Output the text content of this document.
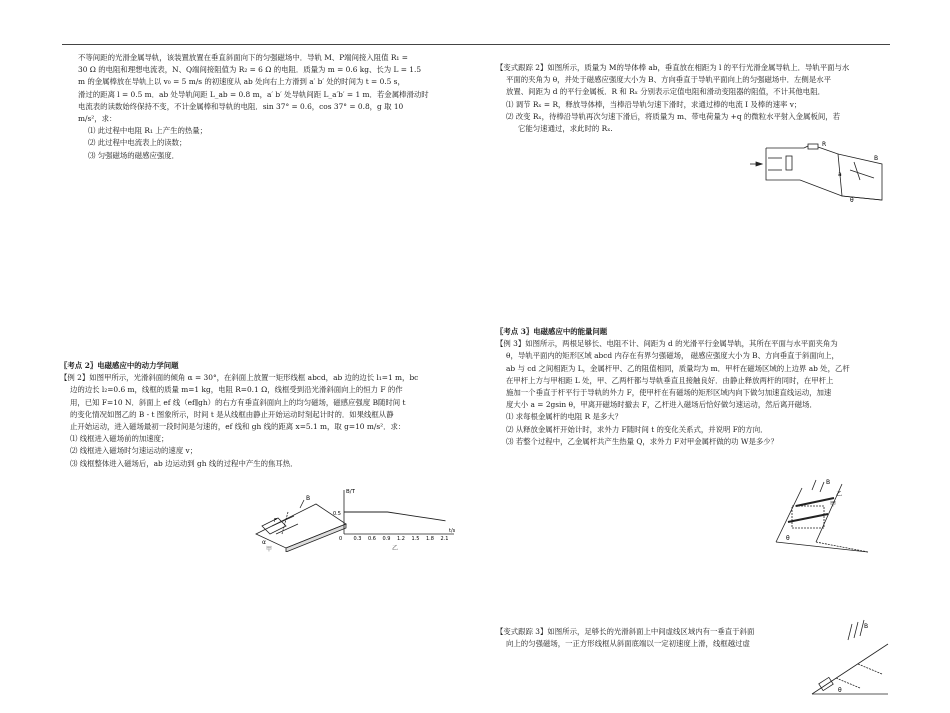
不等间距的光滑金属导轨，该装置放置在垂直斜面向下的匀强磁场中．导轨 M、P端间接入阻值 R₁ =

30 Ω 的电阻和理想电流表，N、Q端间接阻值为 R₂ = 6 Ω 的电阻．质量为 m = 0.6 kg、长为 L = 1.5

m 的金属棒放在导轨上以 v₀ = 5 m/s 的初速度从 ab 处向右上方滑到 a′ b′ 处的时间为 t = 0.5 s，

滑过的距离 l = 0.5 m．ab 处导轨间距 L_ab = 0.8 m，a′ b′ 处导轨间距 L_a′b′ = 1 m．若金属棒滑动时

电流表的读数始终保持不变，不计金属棒和导轨的电阻．sin 37° = 0.6，cos 37° = 0.8，g 取 10

m/s²，求：

⑴ 此过程中电阻 R₁ 上产生的热量；

⑵ 此过程中电流表上的读数；

⑶ 匀强磁场的磁感应强度．

〖考点 2〗电磁感应中的动力学问题

【例 2】如图甲所示，光滑斜面的倾角 α = 30°，在斜面上放置一矩形线框 abcd，ab 边的边长 l₁=1 m，bc

边的边长 l₂=0.6 m，线框的质量 m=1 kg，电阻 R=0.1 Ω，线框受到沿光滑斜面向上的恒力 F 的作

用，已知 F=10 N．斜面上 ef 线（ef∥gh）的右方有垂直斜面向上的均匀磁场，磁感应强度 B随时间 t

的变化情况如图乙的 B - t 图象所示，时间 t 是从线框由静止开始运动时刻起计时的．如果线框从静

止开始运动，进入磁场最初一段时间是匀速的，ef 线和 gh 线的距离 x=5.1 m，取 g=10 m/s²．求：

⑴ 线框进入磁场前的加速度；

⑵ 线框进入磁场时匀速运动的速度 v；

⑶ 线框整体进入磁场后，ab 边运动到 gh 线的过程中产生的焦耳热．

B
α
F
甲
B/T
t/s
0
0.5
0.3 0.6 0.9 1.2 1.5 1.8 2.1
乙

【变式跟踪 2】如图所示，质量为 M的导体棒 ab，垂直放在相距为 l 的平行光滑金属导轨上．导轨平面与水

平面的夹角为 θ，并处于磁感应强度大小为 B、方向垂直于导轨平面向上的匀强磁场中．左侧是水平

放置、间距为 d 的平行金属板．R 和 Rₓ 分别表示定值电阻和滑动变阻器的阻值，不计其他电阻．

⑴ 调节 Rₓ = R，释放导体棒，当棒沿导轨匀速下滑时，求通过棒的电流 I 及棒的速率 v；

⑵ 改变 Rₓ，待棒沿导轨再次匀速下滑后，将质量为 m、带电荷量为 +q 的微粒水平射入金属板间，若

它能匀速通过，求此时的 Rₓ.

R
B
a
θ

〖考点 3〗电磁感应中的能量问题

【例 3】如图所示，两根足够长、电阻不计、间距为 d 的光滑平行金属导轨，其所在平面与水平面夹角为

θ，导轨平面内的矩形区域 abcd 内存在有界匀强磁场， 磁感应强度大小为 B、方向垂直于斜面向上，

ab 与 cd 之间相距为 L，金属杆甲、乙的阻值相同，质量均为 m．甲杆在磁场区域的上边界 ab 处，乙杆

在甲杆上方与甲相距 L 处，甲、乙两杆都与导轨垂直且接触良好．由静止释放两杆的同时，在甲杆上

施加一个垂直于杆平行于导轨的外力 F，使甲杆在有磁场的矩形区域内向下做匀加速直线运动，加速

度大小 a = 2gsin θ，甲离开磁场时撤去 F，乙杆进入磁场后恰好做匀速运动，然后离开磁场．

⑴ 求每根金属杆的电阻 R 是多大？

⑵ 从释放金属杆开始计时，求外力 F随时间 t 的变化关系式，并说明 F的方向．

⑶ 若整个过程中，乙金属杆共产生热量 Q，求外力 F对甲金属杆做的功 W是多少？

甲
乙
B
θ

【变式跟踪 3】如图所示，足够长的光滑斜面上中间虚线区域内有一垂直于斜面

向上的匀强磁场，一正方形线框从斜面底端以一定初速度上滑，线框越过虚

B
θ
